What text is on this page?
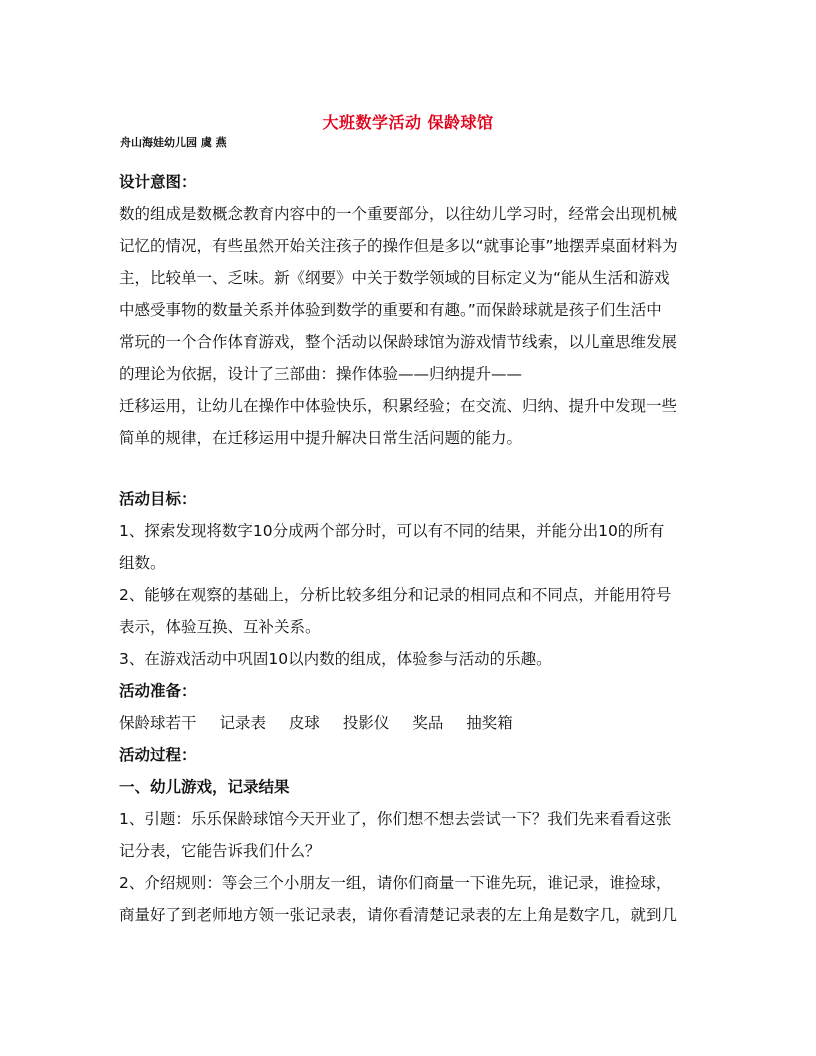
大班数学活动 保龄球馆
舟山海娃幼儿园 虞 燕

设计意图：

数的组成是数概念教育内容中的一个重要部分，以往幼儿学习时，经常会出现机械

记忆的情况，有些虽然开始关注孩子的操作但是多以“就事论事”地摆弄桌面材料为

主，比较单一、乏味。新《纲要》中关于数学领域的目标定义为“能从生活和游戏

中感受事物的数量关系并体验到数学的重要和有趣。”而保龄球就是孩子们生活中

常玩的一个合作体育游戏，整个活动以保龄球馆为游戏情节线索，以儿童思维发展

的理论为依据，设计了三部曲：操作体验——归纳提升——

迁移运用，让幼儿在操作中体验快乐，积累经验；在交流、归纳、提升中发现一些

简单的规律，在迁移运用中提升解决日常生活问题的能力。

活动目标：

1、探索发现将数字10分成两个部分时，可以有不同的结果，并能分出10的所有

组数。

2、能够在观察的基础上，分析比较多组分和记录的相同点和不同点，并能用符号

表示，体验互换、互补关系。

3、在游戏活动中巩固10以内数的组成，体验参与活动的乐趣。

活动准备：

保龄球若干 记录表 皮球 投影仪 奖品 抽奖箱

活动过程：

一、幼儿游戏，记录结果

1、引题：乐乐保龄球馆今天开业了，你们想不想去尝试一下？我们先来看看这张

记分表，它能告诉我们什么？

2、介绍规则：等会三个小朋友一组，请你们商量一下谁先玩，谁记录，谁捡球，

商量好了到老师地方领一张记录表，请你看清楚记录表的左上角是数字几，就到几
